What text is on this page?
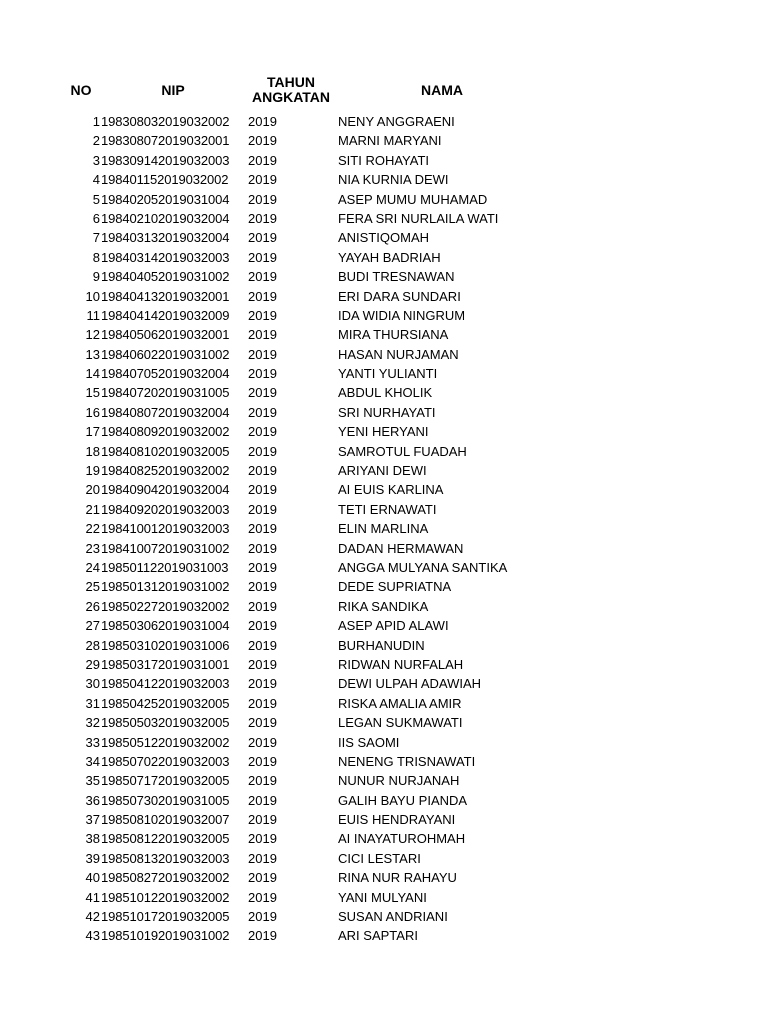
NO	NIP	TAHUN
ANGKATAN	NAMA
1 198308032019032002	2019	NENY ANGGRAENI
2 198308072019032001	2019	MARNI MARYANI
3 198309142019032003	2019	SITI ROHAYATI
4 198401152019032002	2019	NIA KURNIA DEWI
5 198402052019031004	2019	ASEP MUMU MUHAMAD
6 198402102019032004	2019	FERA SRI NURLAILA WATI
7 198403132019032004	2019	ANISTIQOMAH
8 198403142019032003	2019	YAYAH BADRIAH
9 198404052019031002	2019	BUDI TRESNAWAN
10 198404132019032001	2019	ERI DARA SUNDARI
11 198404142019032009	2019	IDA WIDIA NINGRUM
12 198405062019032001	2019	MIRA THURSIANA
13 198406022019031002	2019	HASAN NURJAMAN
14 198407052019032004	2019	YANTI YULIANTI
15 198407202019031005	2019	ABDUL KHOLIK
16 198408072019032004	2019	SRI NURHAYATI
17 198408092019032002	2019	YENI HERYANI
18 198408102019032005	2019	SAMROTUL FUADAH
19 198408252019032002	2019	ARIYANI DEWI
20 198409042019032004	2019	AI EUIS KARLINA
21 198409202019032003	2019	TETI ERNAWATI
22 198410012019032003	2019	ELIN MARLINA
23 198410072019031002	2019	DADAN HERMAWAN
24 198501122019031003	2019	ANGGA MULYANA SANTIKA
25 198501312019031002	2019	DEDE SUPRIATNA
26 198502272019032002	2019	RIKA SANDIKA
27 198503062019031004	2019	ASEP APID ALAWI
28 198503102019031006	2019	BURHANUDIN
29 198503172019031001	2019	RIDWAN NURFALAH
30 198504122019032003	2019	DEWI ULPAH ADAWIAH
31 198504252019032005	2019	RISKA AMALIA AMIR
32 198505032019032005	2019	LEGAN SUKMAWATI
33 198505122019032002	2019	IIS SAOMI
34 198507022019032003	2019	NENENG TRISNAWATI
35 198507172019032005	2019	NUNUR NURJANAH
36 198507302019031005	2019	GALIH BAYU PIANDA
37 198508102019032007	2019	EUIS HENDRAYANI
38 198508122019032005	2019	AI INAYATUROHMAH
39 198508132019032003	2019	CICI LESTARI
40 198508272019032002	2019	RINA NUR RAHAYU
41 198510122019032002	2019	YANI MULYANI
42 198510172019032005	2019	SUSAN ANDRIANI
43 198510192019031002	2019	ARI SAPTARI
